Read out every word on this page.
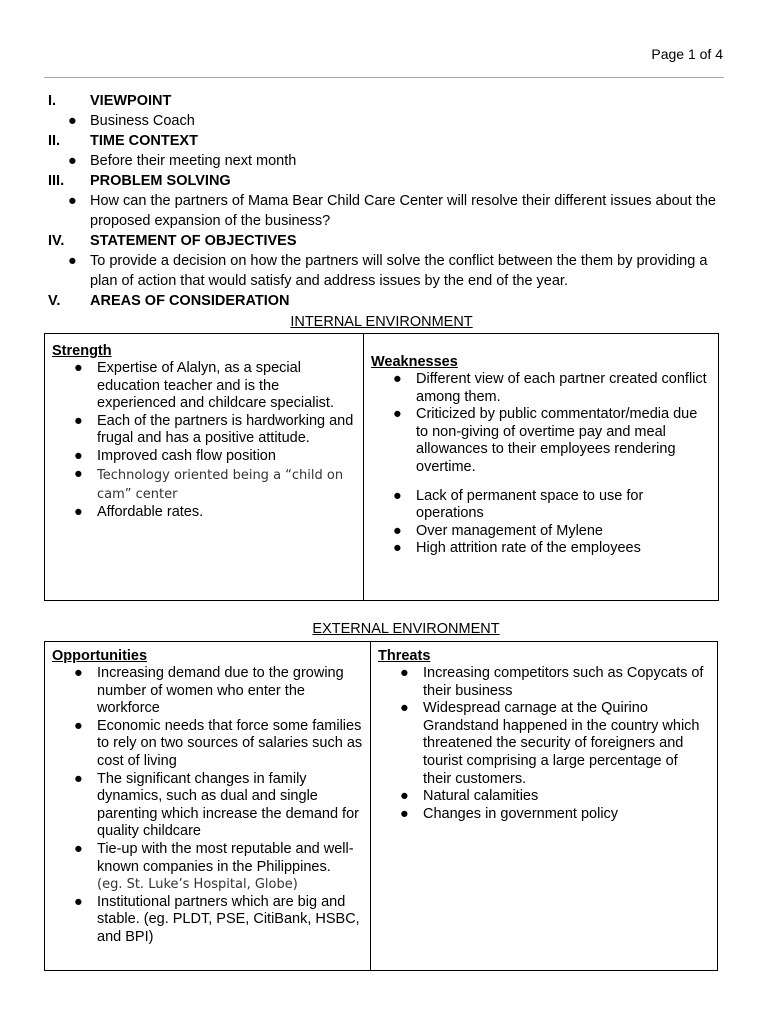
Page 1 of 4
I.	VIEWPOINT
● Business Coach
II.	TIME CONTEXT
● Before their meeting next month
III.	PROBLEM SOLVING
● How can the partners of Mama Bear Child Care Center will resolve their different issues about the proposed expansion of the business?
IV.	STATEMENT OF OBJECTIVES
● To provide a decision on how the partners will solve the conflict between the them by providing a plan of action that would satisfy and address issues by the end of the year.
V.	AREAS OF CONSIDERATION
INTERNAL ENVIRONMENT
Strength
● Expertise of Alalyn, as a special education teacher and is the experienced and childcare specialist.
● Each of the partners is hardworking and frugal and has a positive attitude.
● Improved cash flow position
●	Technology oriented being a “child on cam” center
● Affordable rates.
Weaknesses
● Different view of each partner created conflict among them.
● Criticized by public commentator/media due to non-giving of overtime pay and meal allowances to their employees rendering overtime.
● Lack of permanent space to use for operations
● Over management of Mylene
● High attrition rate of the employees
EXTERNAL ENVIRONMENT
Opportunities
● Increasing demand due to the growing number of women who enter the workforce
● Economic needs that force some families to rely on two sources of salaries such as cost of living
● The significant changes in family dynamics, such as dual and single parenting which increase the demand for quality childcare
● Tie-up with the most reputable and well-known companies in the Philippines.
(eg. St. Luke’s Hospital, Globe)
● Institutional partners which are big and stable. (eg. PLDT, PSE, CitiBank, HSBC, and BPI)
Threats
● Increasing competitors such as Copycats of their business
● Widespread carnage at the Quirino Grandstand happened in the country which threatened the security of foreigners and tourist comprising a large percentage of their customers.
● Natural calamities
● Changes in government policy
